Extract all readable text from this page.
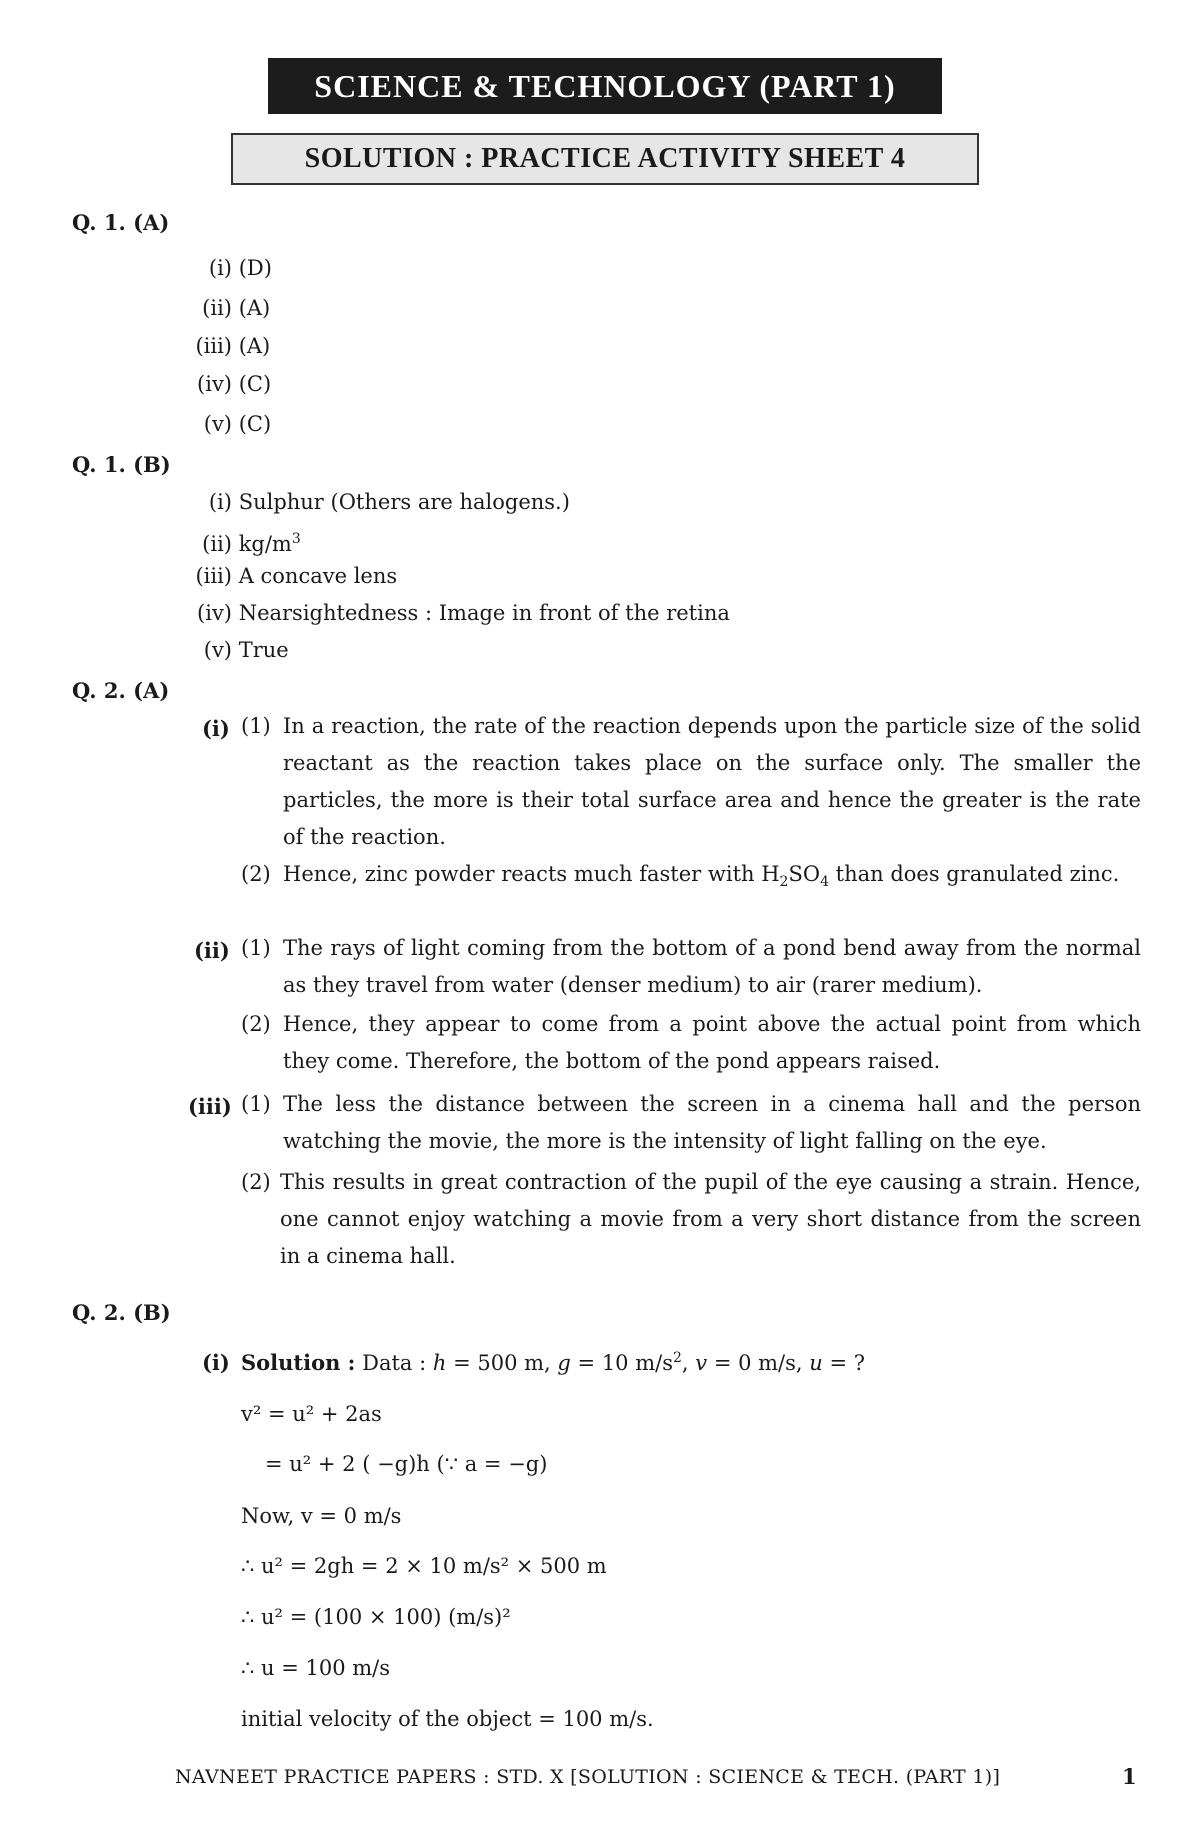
SCIENCE & TECHNOLOGY (PART 1)
SOLUTION : PRACTICE ACTIVITY SHEET 4
Q. 1. (A)
(i) (D)
(ii) (A)
(iii) (A)
(iv) (C)
(v) (C)
Q. 1. (B)
(i) Sulphur (Others are halogens.)
(ii) $kg/m^3$
(iii) A concave lens
(iv) Nearsightedness : Image in front of the retina
(v) True
Q. 2. (A)
(i) (1) In a reaction, the rate of the reaction depends upon the particle size of the solid reactant as the reaction takes place on the surface only. The smaller the particles, the more is their total surface area and hence the greater is the rate of the reaction.
(2) Hence, zinc powder reacts much faster with $H_2SO_4$ than does granulated zinc.
(ii) (1) The rays of light coming from the bottom of a pond bend away from the normal as they travel from water (denser medium) to air (rarer medium).
(2) Hence, they appear to come from a point above the actual point from which they come. Therefore, the bottom of the pond appears raised.
(iii) (1) The less the distance between the screen in a cinema hall and the person watching the movie, the more is the intensity of light falling on the eye.
(2) This results in great contraction of the pupil of the eye causing a strain. Hence, one cannot enjoy watching a movie from a very short distance from the screen in a cinema hall.
Q. 2. (B)
(i) Solution : Data : h = 500 m, g = 10 $m/s^2$, v = 0 m/s, u = ?
v² = u² + 2as
= u² + 2 ( −g)h (∵ a = −g)
Now, v = 0 m/s
∴ u² = 2gh = 2 × 10 m/s² × 500 m
∴ u² = (100 × 100) (m/s)²
∴ u = 100 m/s
initial velocity of the object = 100 m/s.
NAVNEET PRACTICE PAPERS : STD. X [SOLUTION : SCIENCE & TECH. (PART 1)]	1
